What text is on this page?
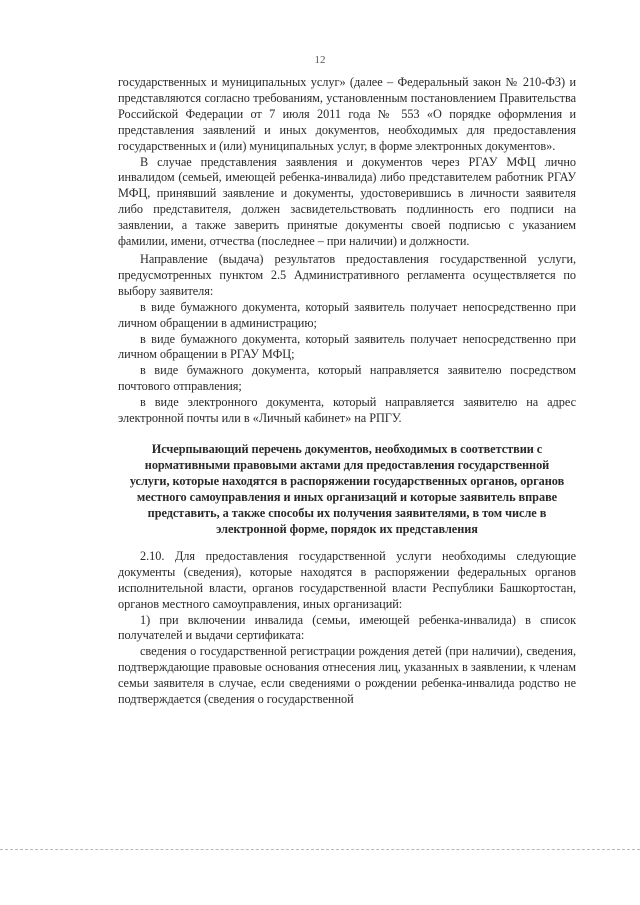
12

государственных и муниципальных услуг» (далее – Федеральный закон № 210-ФЗ) и представляются согласно требованиям, установленным постановлением Правительства Российской Федерации от 7 июля 2011 года № 553 «О порядке оформления и представления заявлений и иных документов, необходимых для предоставления государственных и (или) муниципальных услуг, в форме электронных документов».

В случае представления заявления и документов через РГАУ МФЦ лично инвалидом (семьей, имеющей ребенка-инвалида) либо представителем работник РГАУ МФЦ, принявший заявление и документы, удостоверившись в личности заявителя либо представителя, должен засвидетельствовать подлинность его подписи на заявлении, а также заверить принятые документы своей подписью с указанием фамилии, имени, отчества (последнее – при наличии) и должности.

Направление (выдача) результатов предоставления государственной услуги, предусмотренных пунктом 2.5 Административного регламента осуществляется по выбору заявителя:

в виде бумажного документа, который заявитель получает непосредственно при личном обращении в администрацию;

в виде бумажного документа, который заявитель получает непосредственно при личном обращении в РГАУ МФЦ;

в виде бумажного документа, который направляется заявителю посредством почтового отправления;

в виде электронного документа, который направляется заявителю на адрес электронной почты или в «Личный кабинет» на РПГУ.

Исчерпывающий перечень документов, необходимых в соответствии с нормативными правовыми актами для предоставления государственной услуги, которые находятся в распоряжении государственных органов, органов местного самоуправления и иных организаций и которые заявитель вправе представить, а также способы их получения заявителями, в том числе в электронной форме, порядок их представления

2.10. Для предоставления государственной услуги необходимы следующие документы (сведения), которые находятся в распоряжении федеральных органов исполнительной власти, органов государственной власти Республики Башкортостан, органов местного самоуправления, иных организаций:

1) при включении инвалида (семьи, имеющей ребенка-инвалида) в список получателей и выдачи сертификата:

сведения о государственной регистрации рождения детей (при наличии), сведения, подтверждающие правовые основания отнесения лиц, указанных в заявлении, к членам семьи заявителя в случае, если сведениями о рождении ребенка-инвалида родство не подтверждается (сведения о государственной
